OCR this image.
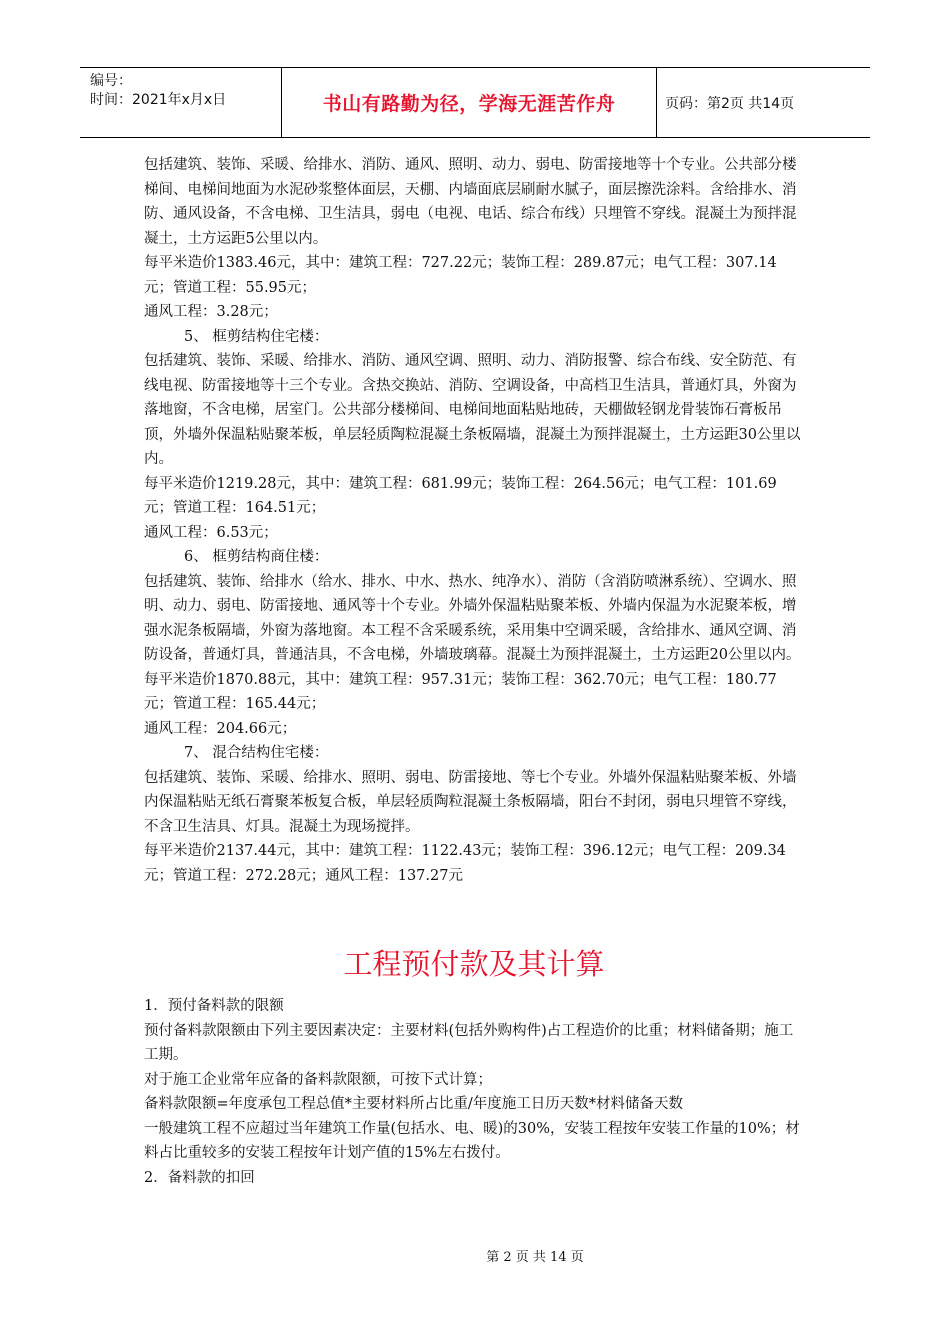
编号：
时间：2021年x月x日	书山有路勤为径，学海无涯苦作舟	页码：第2页 共14页

包括建筑、装饰、采暖、给排水、消防、通风、照明、动力、弱电、防雷接地等十个专业。公共部分楼梯间、电梯间地面为水泥砂浆整体面层，天棚、内墙面底层刷耐水腻子，面层擦洗涂料。含给排水、消防、通风设备，不含电梯、卫生洁具，弱电（电视、电话、综合布线）只埋管不穿线。混凝土为预拌混凝土，土方运距5公里以内。

每平米造价1383.46元，其中：建筑工程：727.22元；装饰工程：289.87元；电气工程：307.14元；管道工程：55.95元；

通风工程：3.28元；

5、 框剪结构住宅楼：

包括建筑、装饰、采暖、给排水、消防、通风空调、照明、动力、消防报警、综合布线、安全防范、有线电视、防雷接地等十三个专业。含热交换站、消防、空调设备，中高档卫生洁具，普通灯具，外窗为落地窗，不含电梯，居室门。公共部分楼梯间、电梯间地面粘贴地砖，天棚做轻钢龙骨装饰石膏板吊顶，外墙外保温粘贴聚苯板，单层轻质陶粒混凝土条板隔墙，混凝土为预拌混凝土，土方运距30公里以内。

每平米造价1219.28元，其中：建筑工程：681.99元；装饰工程：264.56元；电气工程：101.69元；管道工程：164.51元；

通风工程：6.53元；

6、 框剪结构商住楼：

包括建筑、装饰、给排水（给水、排水、中水、热水、纯净水）、消防（含消防喷淋系统）、空调水、照明、动力、弱电、防雷接地、通风等十个专业。外墙外保温粘贴聚苯板、外墙内保温为水泥聚苯板，增强水泥条板隔墙，外窗为落地窗。本工程不含采暖系统，采用集中空调采暖，含给排水、通风空调、消防设备，普通灯具，普通洁具，不含电梯，外墙玻璃幕。混凝土为预拌混凝土，土方运距20公里以内。

每平米造价1870.88元，其中：建筑工程：957.31元；装饰工程：362.70元；电气工程：180.77元；管道工程：165.44元；

通风工程：204.66元；

7、 混合结构住宅楼：

包括建筑、装饰、采暖、给排水、照明、弱电、防雷接地、等七个专业。外墙外保温粘贴聚苯板、外墙内保温粘贴无纸石膏聚苯板复合板，单层轻质陶粒混凝土条板隔墙，阳台不封闭，弱电只埋管不穿线，不含卫生洁具、灯具。混凝土为现场搅拌。

每平米造价2137.44元，其中：建筑工程：1122.43元；装饰工程：396.12元；电气工程：209.34元；管道工程：272.28元；通风工程：137.27元

工程预付款及其计算

1．预付备料款的限额

预付备料款限额由下列主要因素决定：主要材料(包括外购构件)占工程造价的比重；材料储备期；施工工期。

对于施工企业常年应备的备料款限额，可按下式计算；

备料款限额=年度承包工程总值*主要材料所占比重/年度施工日历天数*材料储备天数

一般建筑工程不应超过当年建筑工作量(包括水、电、暖)的30%，安装工程按年安装工作量的10%；材料占比重较多的安装工程按年计划产值的15%左右拨付。

2．备料款的扣回

第 2 页 共 14 页
